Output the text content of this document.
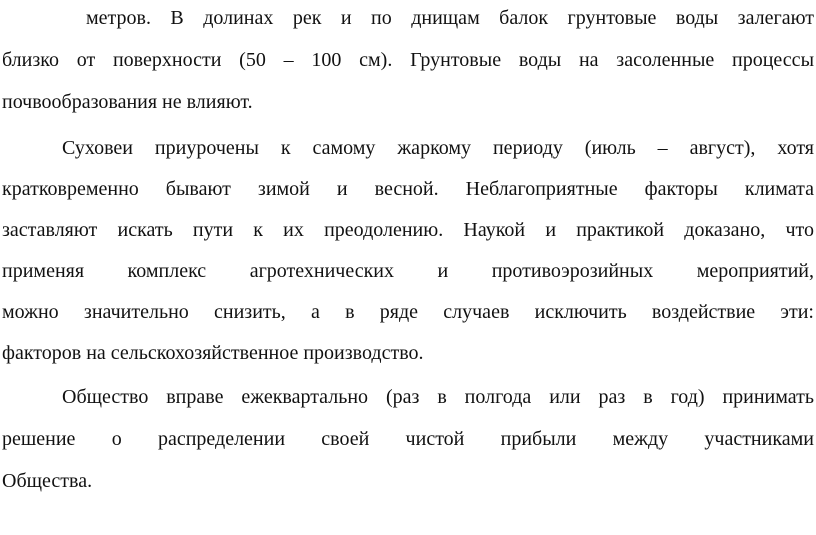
метров. В долинах рек и по днищам балок грунтовые воды залегают
близко от поверхности (50 – 100 см). Грунтовые воды на засоленные процессы
почвообразования не влияют.
Суховеи приурочены к самому жаркому периоду (июль – август), хотя
кратковременно бывают зимой и весной. Неблагоприятные факторы климата
заставляют искать пути к их преодолению. Наукой и практикой доказано, что
применяя комплекс агротехнических и противоэрозийных мероприятий,
можно значительно снизить, а в ряде случаев исключить воздействие эти:
факторов на сельскохозяйственное производство.
Общество вправе ежеквартально (раз в полгода или раз в год) принимать
решение о распределении своей чистой прибыли между участниками
Общества.
